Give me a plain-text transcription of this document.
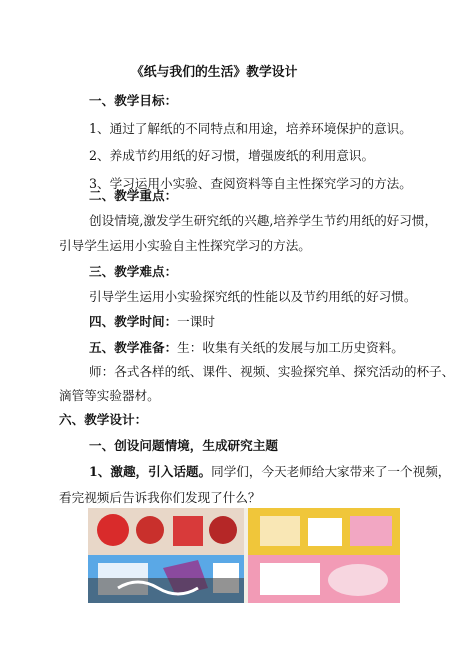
《纸与我们的生活》教学设计
一、教学目标：
1、通过了解纸的不同特点和用途，培养环境保护的意识。
2、养成节约用纸的好习惯，增强废纸的利用意识。
3、学习运用小实验、查阅资料等自主性探究学习的方法。
二、教学重点：
创设情境,激发学生研究纸的兴趣,培养学生节约用纸的好习惯，
引导学生运用小实验自主性探究学习的方法。
三、教学难点：
引导学生运用小实验探究纸的性能以及节约用纸的好习惯。
四、教学时间：一课时
五、教学准备：生：收集有关纸的发展与加工历史资料。
师：各式各样的纸、课件、视频、实验探究单、探究活动的杯子、
滴管等实验器材。
六、教学设计：
一、创设问题情境，生成研究主题
1、激趣，引入话题。同学们，今天老师给大家带来了一个视频，
看完视频后告诉我你们发现了什么？
